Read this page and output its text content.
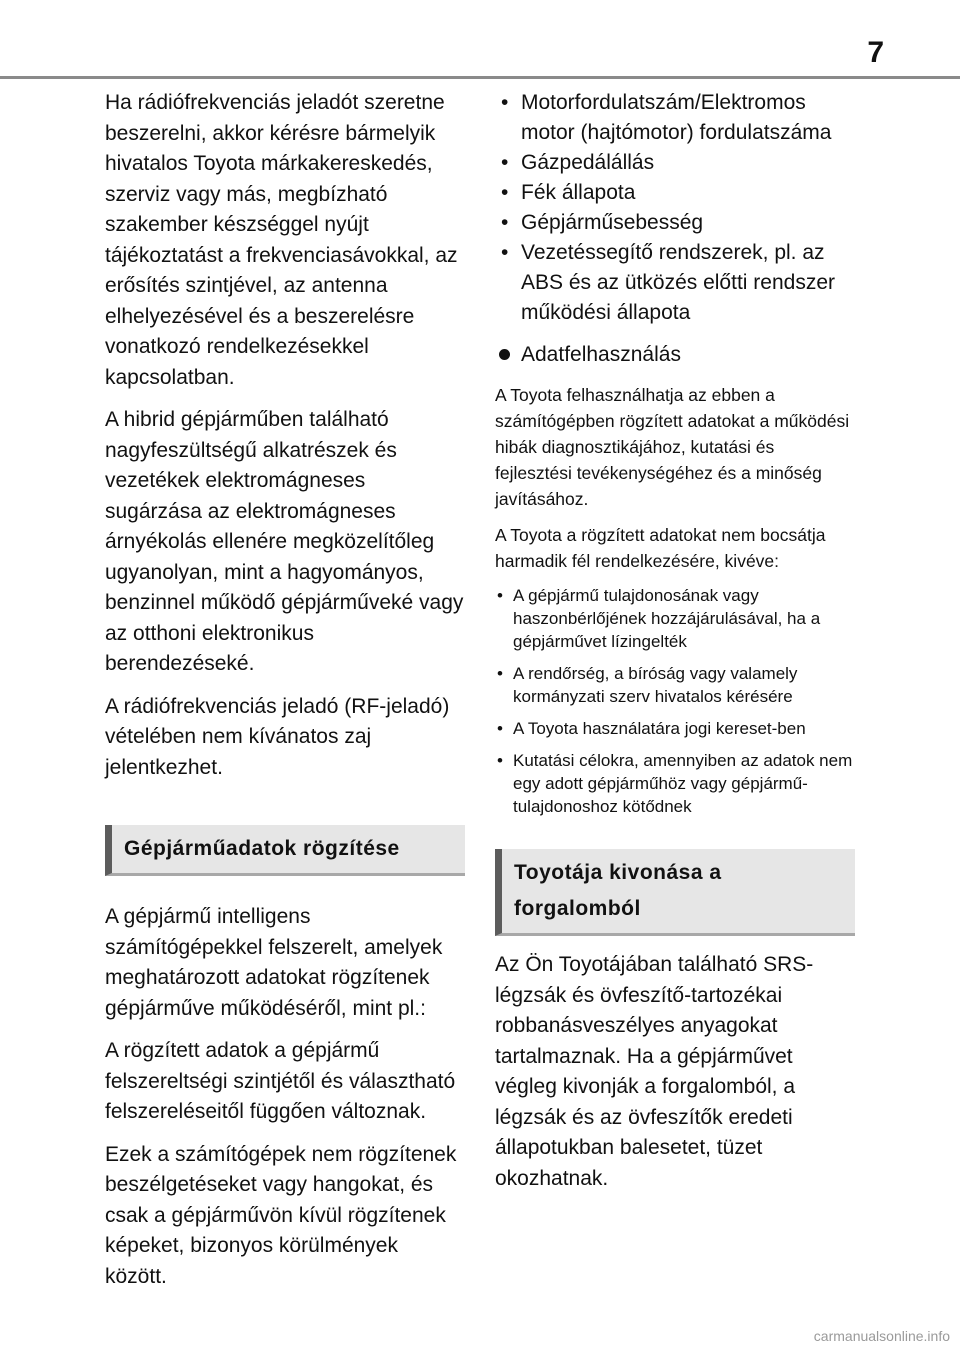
7

Ha rádiófrekvenciás jeladót szeretne beszerelni, akkor kérésre bármelyik hivatalos Toyota márkakereskedés, szerviz vagy más, megbízható szakember készséggel nyújt tájékoztatást a frekvenciasávokkal, az erősítés szintjével, az antenna elhelyezésével és a beszerelésre vonatkozó rendelkezésekkel kapcsolatban.

A hibrid gépjárműben található nagyfeszültségű alkatrészek és vezetékek elektromágneses sugárzása az elektromágneses árnyékolás ellenére megközelítőleg ugyanolyan, mint a hagyományos, benzinnel működő gépjárműveké vagy az otthoni elektronikus berendezéseké.

A rádiófrekvenciás jeladó (RF-jeladó) vételében nem kívánatos zaj jelentkezhet.

Gépjárműadatok rögzítése

A gépjármű intelligens számítógépekkel felszerelt, amelyek meghatározott adatokat rögzítenek gépjárműve működéséről, mint pl.:

A rögzített adatok a gépjármű felszereltségi szintjétől és választható felszereléseitől függően változnak.

Ezek a számítógépek nem rögzítenek beszélgetéseket vagy hangokat, és csak a gépjárművön kívül rögzítenek képeket, bizonyos körülmények között.

• Motorfordulatszám/Elektromos motor (hajtómotor) fordulatszáma
• Gázpedálállás
• Fék állapota
• Gépjárműsebesség
• Vezetéssegítő rendszerek, pl. az ABS és az ütközés előtti rendszer működési állapota
Adatfelhasználás

A Toyota felhasználhatja az ebben a számítógépben rögzített adatokat a működési hibák diagnosztikájához, kutatási és fejlesztési tevékenységéhez és a minőség javításához.

A Toyota a rögzített adatokat nem bocsátja harmadik fél rendelkezésére, kivéve:

• A gépjármű tulajdonosának vagy haszonbérlőjének hozzájárulásával, ha a gépjárművet lízingelték
• A rendőrség, a bíróság vagy valamely kormányzati szerv hivatalos kérésére
• A Toyota használatára jogi kereset-ben
• Kutatási célokra, amennyiben az adatok nem egy adott gépjárműhöz vagy gépjármű-tulajdonoshoz kötődnek
Toyotája kivonása a forgalomból

Az Ön Toyotájában található SRS-légzsák és övfeszítő-tartozékai robbanásveszélyes anyagokat tartalmaznak. Ha a gépjárművet végleg kivonják a forgalomból, a légzsák és az övfeszítők eredeti állapotukban balesetet, tüzet okozhatnak.

carmanualsonline.info
